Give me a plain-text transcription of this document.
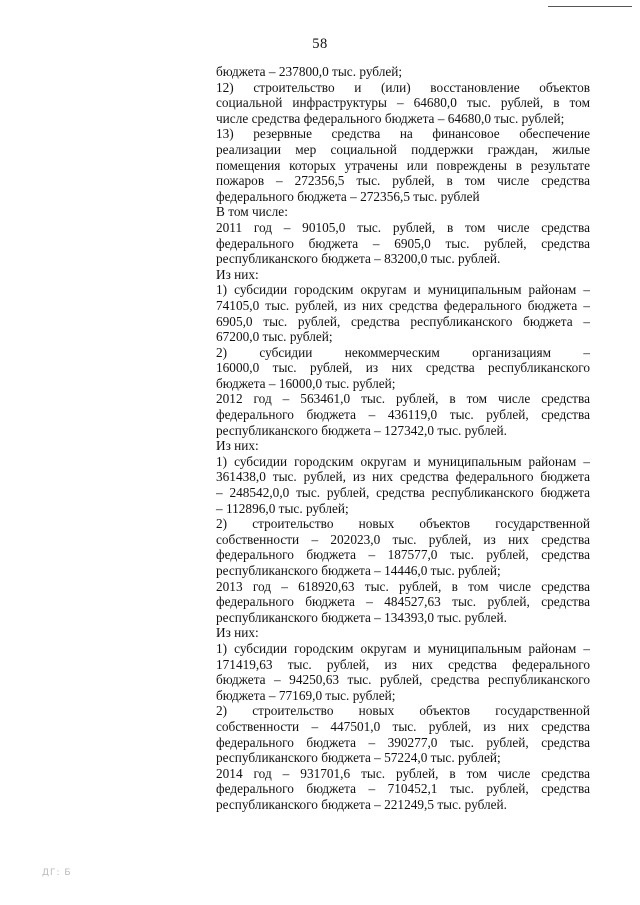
58
бюджета – 237800,0 тыс. рублей;
12) строительство и (или) восстановление объектов
социальной инфраструктуры – 64680,0 тыс. рублей, в том
числе средства федерального бюджета – 64680,0 тыс. рублей;
13) резервные средства на финансовое обеспечение
реализации мер социальной поддержки граждан, жилые
помещения которых утрачены или повреждены в результате
пожаров – 272356,5 тыс. рублей, в том числе средства
федерального бюджета – 272356,5 тыс. рублей
В том числе:
2011 год – 90105,0 тыс. рублей, в том числе средства
федерального бюджета – 6905,0 тыс. рублей, средства
республиканского бюджета – 83200,0 тыс. рублей.
Из них:
1) субсидии городским округам и муниципальным районам –
74105,0 тыс. рублей, из них средства федерального бюджета –
6905,0 тыс. рублей, средства республиканского бюджета –
67200,0 тыс. рублей;
2) субсидии некоммерческим организациям –
16000,0 тыс. рублей, из них средства республиканского
бюджета – 16000,0 тыс. рублей;
2012 год – 563461,0 тыс. рублей, в том числе средства
федерального бюджета – 436119,0 тыс. рублей, средства
республиканского бюджета – 127342,0 тыс. рублей.
Из них:
1) субсидии городским округам и муниципальным районам –
361438,0 тыс. рублей, из них средства федерального бюджета
– 248542,0,0 тыс. рублей, средства республиканского бюджета
– 112896,0 тыс. рублей;
2) строительство новых объектов государственной
собственности – 202023,0 тыс. рублей, из них средства
федерального бюджета – 187577,0 тыс. рублей, средства
республиканского бюджета – 14446,0 тыс. рублей;
2013 год – 618920,63 тыс. рублей, в том числе средства
федерального бюджета – 484527,63 тыс. рублей, средства
республиканского бюджета – 134393,0 тыс. рублей.
Из них:
1) субсидии городским округам и муниципальным районам –
171419,63 тыс. рублей, из них средства федерального
бюджета – 94250,63 тыс. рублей, средства республиканского
бюджета – 77169,0 тыс. рублей;
2) строительство новых объектов государственной
собственности – 447501,0 тыс. рублей, из них средства
федерального бюджета – 390277,0 тыс. рублей, средства
республиканского бюджета – 57224,0 тыс. рублей;
2014 год – 931701,6 тыс. рублей, в том числе средства
федерального бюджета – 710452,1 тыс. рублей, средства
республиканского бюджета – 221249,5 тыс. рублей.
ДГ: Б
